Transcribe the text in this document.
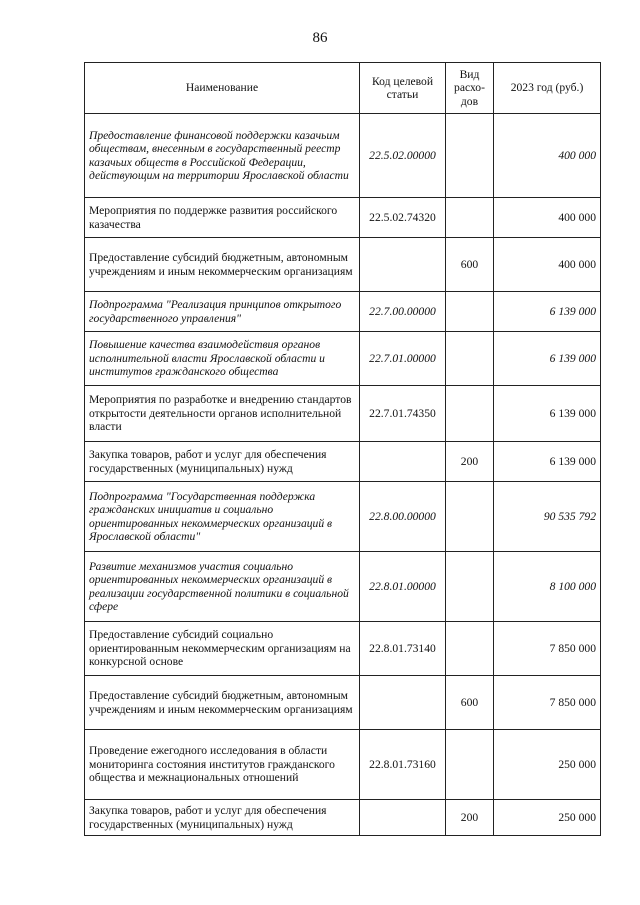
86
Наименование	Код целевой статьи	Вид расхо-дов	2023 год (руб.)
Предоставление финансовой поддержки казачьим обществам, внесенным в государственный реестр казачьих обществ в Российской Федерации, действующим на территории Ярославской области	22.5.02.00000		400 000
Мероприятия по поддержке развития российского казачества	22.5.02.74320		400 000
Предоставление субсидий бюджетным, автономным учреждениям и иным некоммерческим организациям		600	400 000
Подпрограмма "Реализация принципов открытого государственного управления"	22.7.00.00000		6 139 000
Повышение качества взаимодействия органов исполнительной власти Ярославской области и институтов гражданского общества	22.7.01.00000		6 139 000
Мероприятия по разработке и внедрению стандартов открытости деятельности органов исполнительной власти	22.7.01.74350		6 139 000
Закупка товаров, работ и услуг для обеспечения государственных (муниципальных) нужд		200	6 139 000
Подпрограмма "Государственная поддержка гражданских инициатив и социально ориентированных некоммерческих организаций в Ярославской области"	22.8.00.00000		90 535 792
Развитие механизмов участия социально ориентированных некоммерческих организаций в реализации государственной политики в социальной сфере	22.8.01.00000		8 100 000
Предоставление субсидий социально ориентированным некоммерческим организациям на конкурсной основе	22.8.01.73140		7 850 000
Предоставление субсидий бюджетным, автономным учреждениям и иным некоммерческим организациям		600	7 850 000
Проведение ежегодного исследования в области мониторинга состояния институтов гражданского общества и межнациональных отношений	22.8.01.73160		250 000
Закупка товаров, работ и услуг для обеспечения государственных (муниципальных) нужд		200	250 000
